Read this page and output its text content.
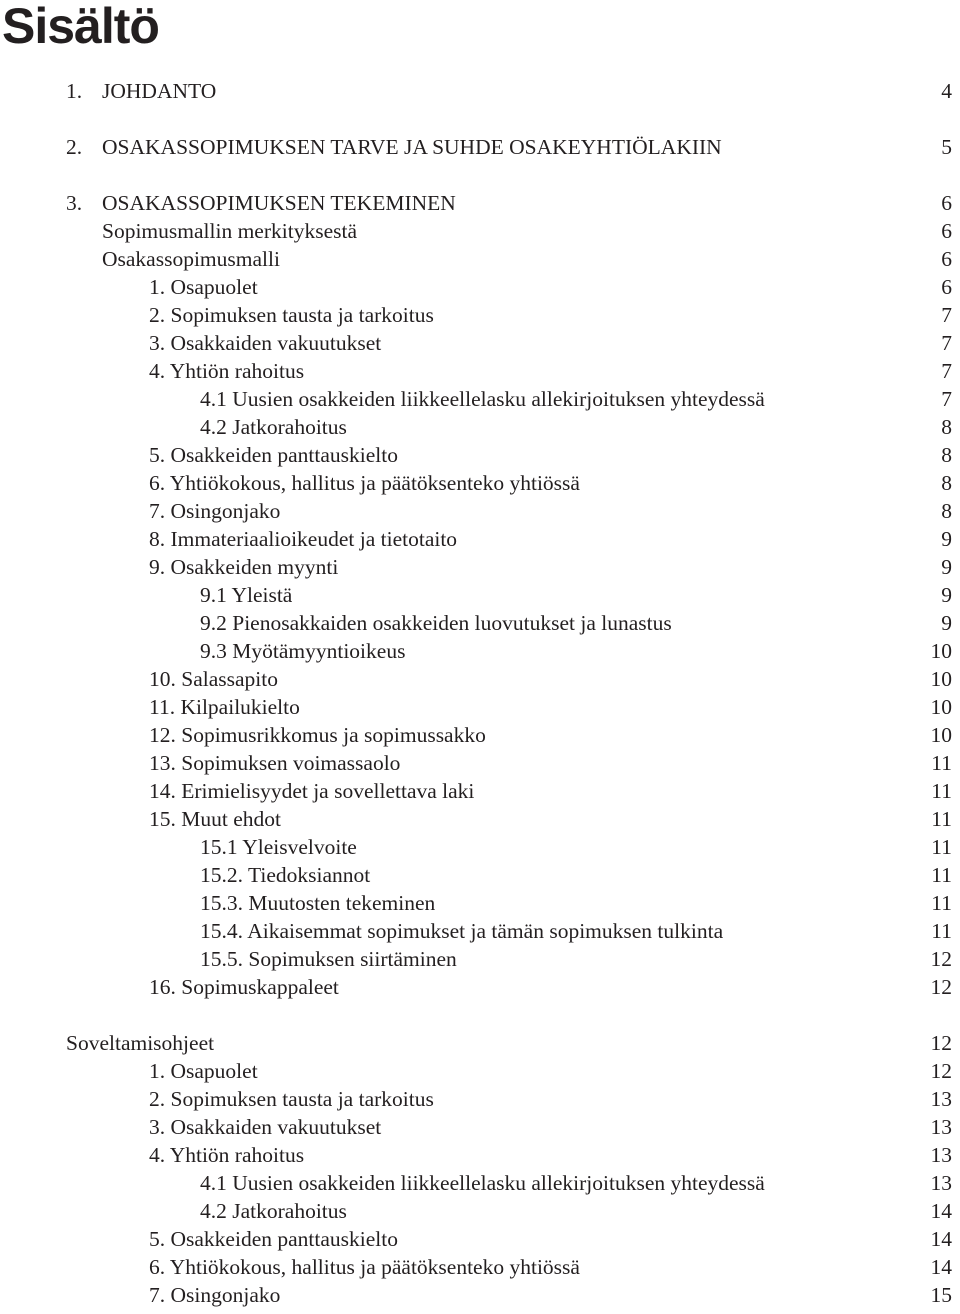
Sisältö
1. JOHDANTO	4
2. OSAKASSOPIMUKSEN TARVE JA SUHDE OSAKEYHTIÖLAKIIN	5
3. OSAKASSOPIMUKSEN TEKEMINEN	6
Sopimusmallin merkityksestä	6
Osakassopimusmalli	6
1. Osapuolet	6
2. Sopimuksen tausta ja tarkoitus	7
3. Osakkaiden vakuutukset	7
4. Yhtiön rahoitus	7
4.1 Uusien osakkeiden liikkeellelasku allekirjoituksen yhteydessä	7
4.2 Jatkorahoitus	8
5. Osakkeiden panttauskielto	8
6. Yhtiökokous, hallitus ja päätöksenteko yhtiössä	8
7. Osingonjako	8
8. Immateriaalioikeudet ja tietotaito	9
9. Osakkeiden myynti	9
9.1 Yleistä	9
9.2 Pienosakkaiden osakkeiden luovutukset ja lunastus	9
9.3 Myötämyyntioikeus	10
10. Salassapito	10
11. Kilpailukielto	10
12. Sopimusrikkomus ja sopimussakko	10
13. Sopimuksen voimassaolo	11
14. Erimielisyydet ja sovellettava laki	11
15. Muut ehdot	11
15.1 Yleisvelvoite	11
15.2. Tiedoksiannot	11
15.3. Muutosten tekeminen	11
15.4. Aikaisemmat sopimukset ja tämän sopimuksen tulkinta	11
15.5. Sopimuksen siirtäminen	12
16. Sopimuskappaleet	12
Soveltamisohjeet	12
1. Osapuolet	12
2. Sopimuksen tausta ja tarkoitus	13
3. Osakkaiden vakuutukset	13
4. Yhtiön rahoitus	13
4.1 Uusien osakkeiden liikkeellelasku allekirjoituksen yhteydessä	13
4.2 Jatkorahoitus	14
5. Osakkeiden panttauskielto	14
6. Yhtiökokous, hallitus ja päätöksenteko yhtiössä	14
7. Osingonjako	15
